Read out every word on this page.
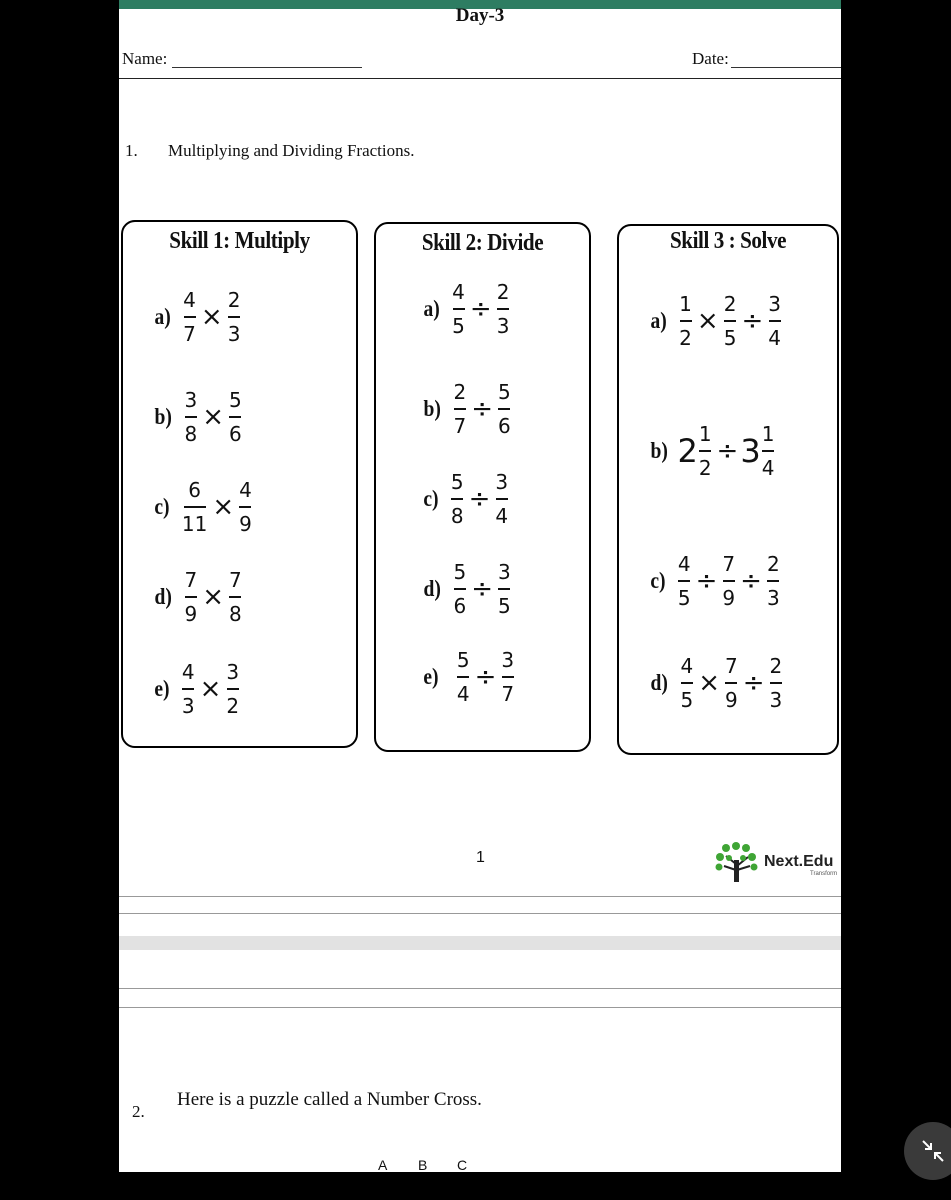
Day-3
Name:	Date:
1. Multiplying and Dividing Fractions.
Skill 1: Multiply
$a) \frac{4}{7} \times \frac{2}{3}$
$b) \frac{3}{8} \times \frac{5}{6}$
$c) \frac{6}{11} \times \frac{4}{9}$
$d) \frac{7}{9} \times \frac{7}{8}$
$e) \frac{4}{3} \times \frac{3}{2}$
Skill 2: Divide
$a) \frac{4}{5} \div \frac{2}{3}$
$b) \frac{2}{7} \div \frac{5}{6}$
$c) \frac{5}{8} \div \frac{3}{4}$
$d) \frac{5}{6} \div \frac{3}{5}$
$e) \frac{5}{4} \div \frac{3}{7}$
Skill 3 : Solve
$a) \frac{1}{2} \times \frac{2}{5} \div \frac{3}{4}$
b) $2 \frac{1}{2} \div 3 \frac{1}{4}$
$c) \frac{4}{5} \div \frac{7}{9} \div \frac{2}{3}$
$d) \frac{4}{5} \times \frac{7}{9} \div \frac{2}{3}$
1	Next.Edu
Transform
2.
Here is a puzzle called a Number Cross.
A B C
